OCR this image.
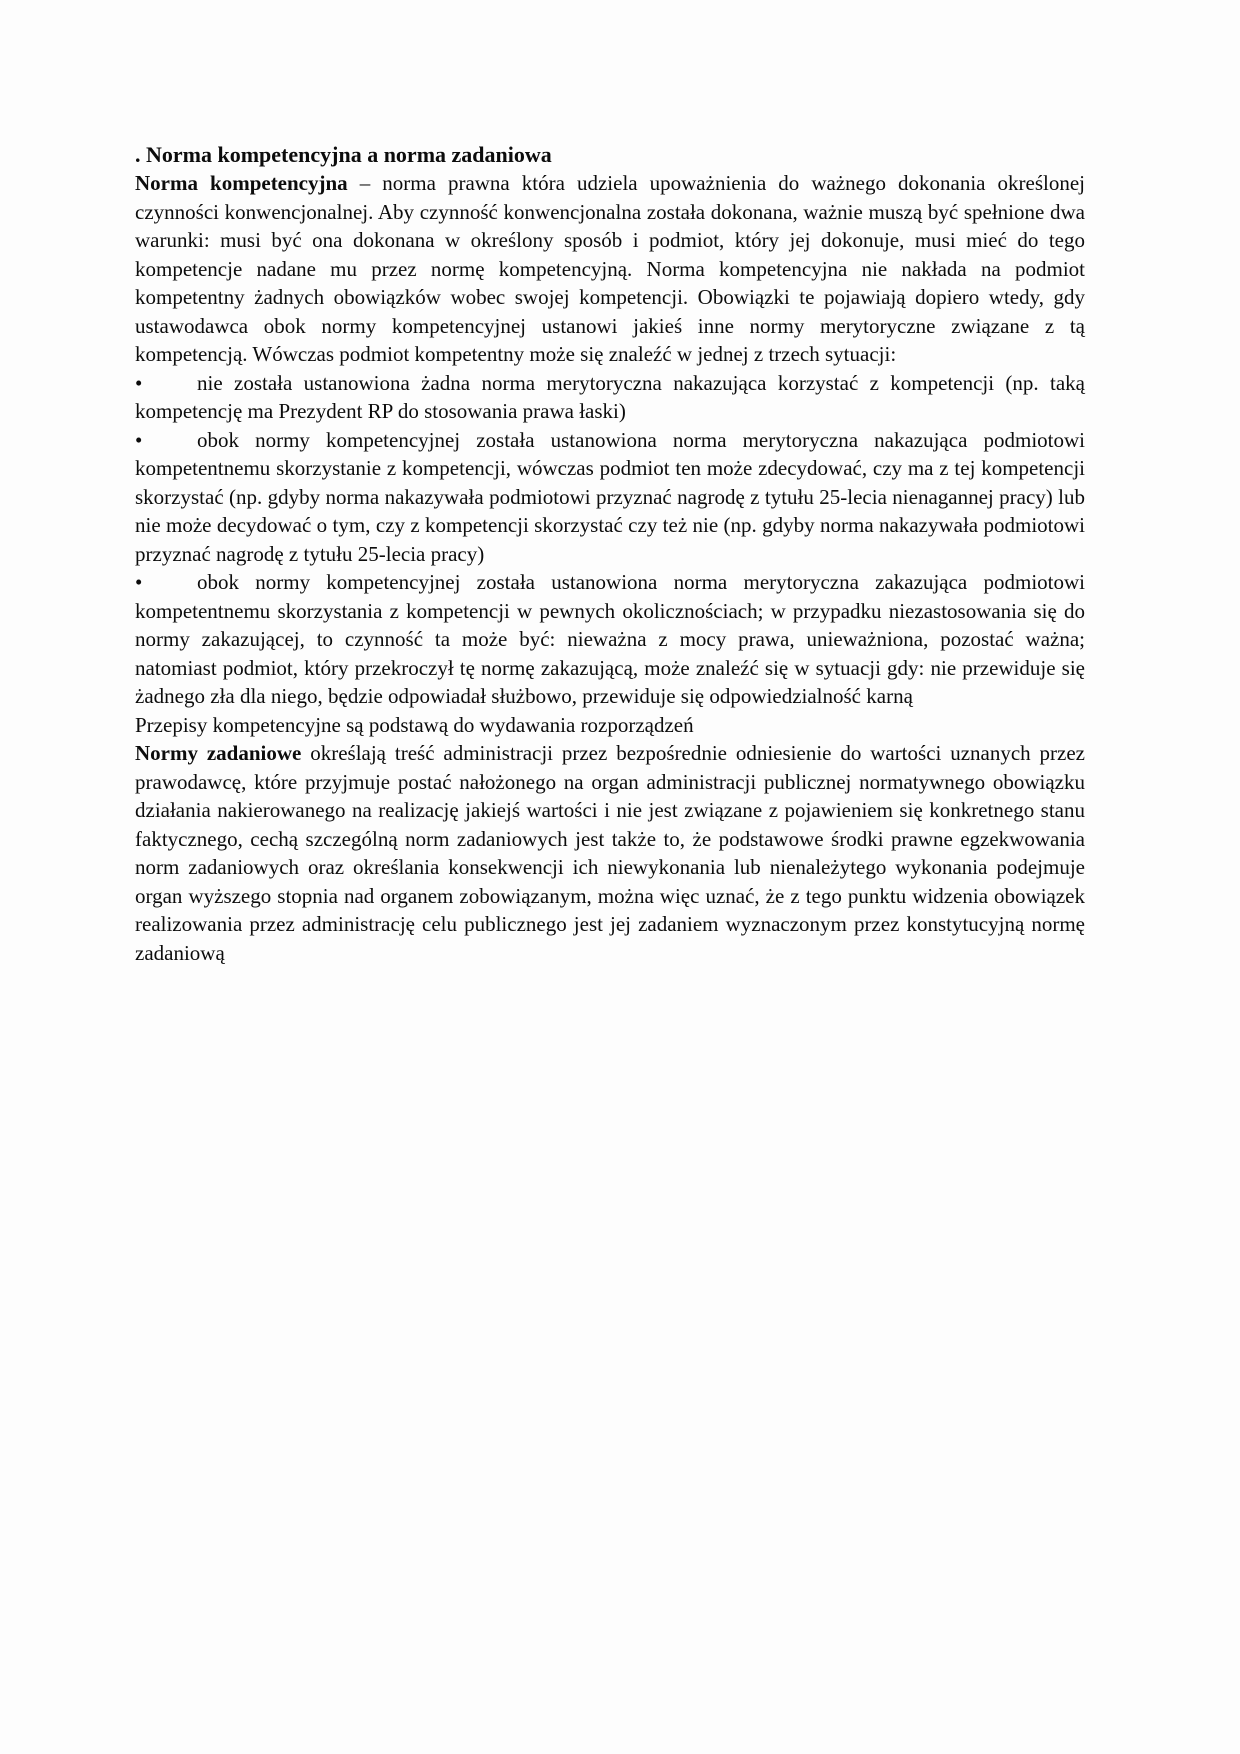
. Norma kompetencyjna a norma zadaniowa

Norma kompetencyjna – norma prawna która udziela upoważnienia do ważnego dokonania określonej czynności konwencjonalnej. Aby czynność konwencjonalna została dokonana, ważnie muszą być spełnione dwa warunki: musi być ona dokonana w określony sposób i podmiot, który jej dokonuje, musi mieć do tego kompetencje nadane mu przez normę kompetencyjną. Norma kompetencyjna nie nakłada na podmiot kompetentny żadnych obowiązków wobec swojej kompetencji. Obowiązki te pojawiają dopiero wtedy, gdy ustawodawca obok normy kompetencyjnej ustanowi jakieś inne normy merytoryczne związane z tą kompetencją. Wówczas podmiot kompetentny może się znaleźć w jednej z trzech sytuacji:

•	nie została ustanowiona żadna norma merytoryczna nakazująca korzystać z kompetencji (np. taką kompetencję ma Prezydent RP do stosowania prawa łaski)

•	obok normy kompetencyjnej została ustanowiona norma merytoryczna nakazująca podmiotowi kompetentnemu skorzystanie z kompetencji, wówczas podmiot ten może zdecydować, czy ma z tej kompetencji skorzystać (np. gdyby norma nakazywała podmiotowi przyznać nagrodę z tytułu 25-lecia nienagannej pracy) lub nie może decydować o tym, czy z kompetencji skorzystać czy też nie (np. gdyby norma nakazywała podmiotowi przyznać nagrodę z tytułu 25-lecia pracy)

•	obok normy kompetencyjnej została ustanowiona norma merytoryczna zakazująca podmiotowi kompetentnemu skorzystania z kompetencji w pewnych okolicznościach; w przypadku niezastosowania się do normy zakazującej, to czynność ta może być: nieważna z mocy prawa, unieważniona, pozostać ważna; natomiast podmiot, który przekroczył tę normę zakazującą, może znaleźć się w sytuacji gdy: nie przewiduje się żadnego zła dla niego, będzie odpowiadał służbowo, przewiduje się odpowiedzialność karną

Przepisy kompetencyjne są podstawą do wydawania rozporządzeń

Normy zadaniowe określają treść administracji przez bezpośrednie odniesienie do wartości uznanych przez prawodawcę, które przyjmuje postać nałożonego na organ administracji publicznej normatywnego obowiązku działania nakierowanego na realizację jakiejś wartości i nie jest związane z pojawieniem się konkretnego stanu faktycznego, cechą szczególną norm zadaniowych jest także to, że podstawowe środki prawne egzekwowania norm zadaniowych oraz określania konsekwencji ich niewykonania lub nienależytego wykonania podejmuje organ wyższego stopnia nad organem zobowiązanym, można więc uznać, że z tego punktu widzenia obowiązek realizowania przez administrację celu publicznego jest jej zadaniem wyznaczonym przez konstytucyjną normę zadaniową
